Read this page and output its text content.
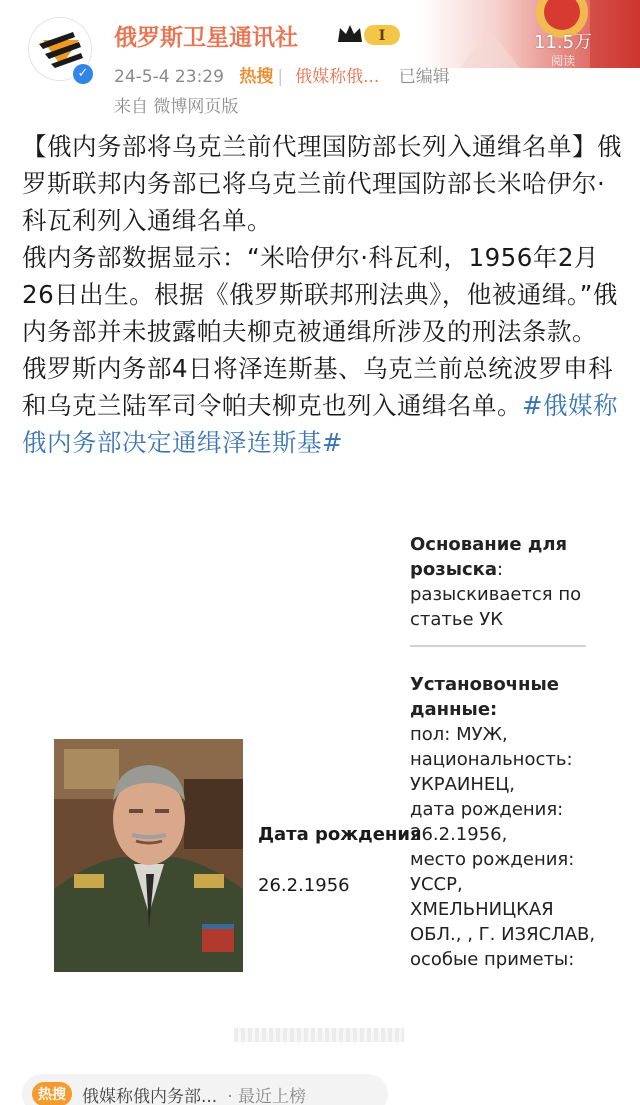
✓
俄罗斯卫星通讯社	I	11.5万
阅读
24-5-4 23:29 热搜 | 俄媒称俄... 已编辑
来自 微博网页版

【俄内务部将乌克兰前代理国防部长列入通缉名单】俄罗斯联邦内务部已将乌克兰前代理国防部长米哈伊尔·科瓦利列入通缉名单。

俄内务部数据显示：“米哈伊尔·科瓦利，1956年2月26日出生。根据《俄罗斯联邦刑法典》，他被通缉。”俄内务部并未披露帕夫柳克被通缉所涉及的刑法条款。

俄罗斯内务部4日将泽连斯基、乌克兰前总统波罗申科和乌克兰陆军司令帕夫柳克也列入通缉名单。#俄媒称俄内务部决定通缉泽连斯基#

Дата рождения
26.2.1956
Основание для розыска:
разыскивается по статье УК
Установочные данные:
пол: МУЖ,
национальность: УКРАИНЕЦ,
дата рождения: 26.2.1956,
место рождения: УССР, ХМЕЛЬНИЦКАЯ ОБЛ., , Г. ИЗЯСЛАВ,
особые приметы:
热搜 俄媒称俄内务部... · 最近上榜
